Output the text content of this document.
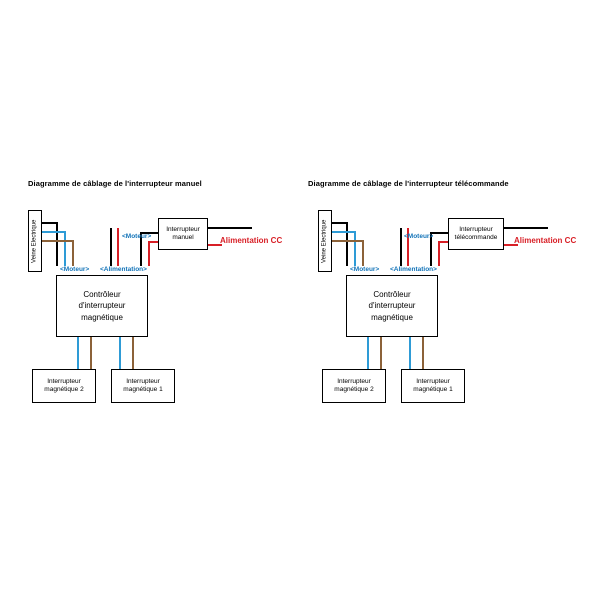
Diagramme de câblage de l'interrupteur manuel
Veine Electrique	<Moteur>
Interrupteur
manuel	Alimentation CC
<Moteur> <Alimentation>
Contrôleur
d'interrupteur
magnétique
Interrupteur
magnétique 2
Interrupteur
magnétique 1
Diagramme de câblage de l'interrupteur télécommande
Veine Electrique	<Moteur>
Interrupteur
télécommande Alimentation CC
<Moteur> <Alimentation>
Contrôleur
d'interrupteur
magnétique
Interrupteur
magnétique 2
Interrupteur
magnétique 1
